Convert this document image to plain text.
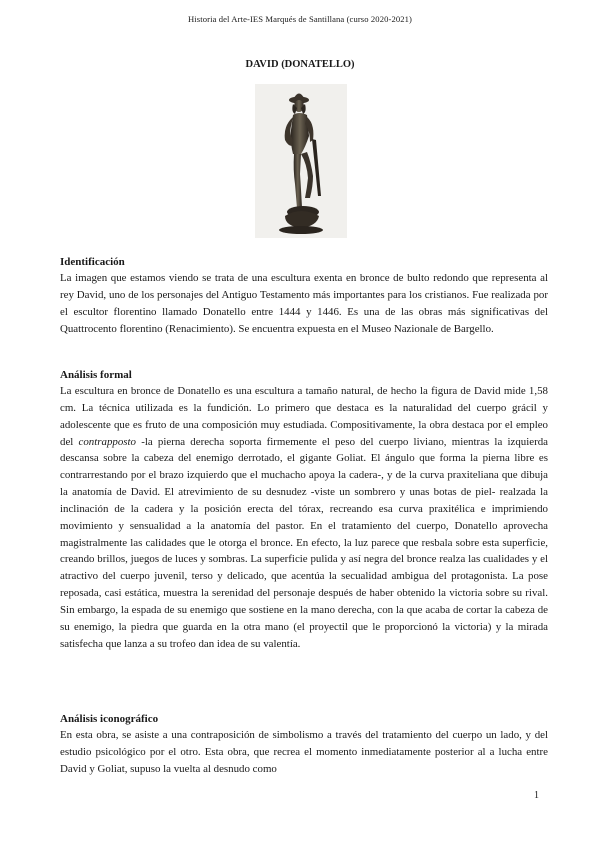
Historia del Arte-IES Marqués de Santillana (curso 2020-2021)
DAVID (DONATELLO)
Identificación

La imagen que estamos viendo se trata de una escultura exenta en bronce de bulto redondo que representa al rey David, uno de los personajes del Antiguo Testamento más importantes para los cristianos. Fue realizada por el escultor florentino llamado Donatello entre 1444 y 1446. Es una de las obras más significativas del Quattrocento florentino (Renacimiento). Se encuentra expuesta en el Museo Nazionale de Bargello.

Análisis formal

La escultura en bronce de Donatello es una escultura a tamaño natural, de hecho la figura de David mide 1,58 cm. La técnica utilizada es la fundición. Lo primero que destaca es la naturalidad del cuerpo grácil y adolescente que es fruto de una composición muy estudiada. Compositivamente, la obra destaca por el empleo del contrapposto -la pierna derecha soporta firmemente el peso del cuerpo liviano, mientras la izquierda descansa sobre la cabeza del enemigo derrotado, el gigante Goliat. El ángulo que forma la pierna libre es contrarrestando por el brazo izquierdo que el muchacho apoya la cadera-, y de la curva praxiteliana que dibuja la anatomía de David. El atrevimiento de su desnudez -viste un sombrero y unas botas de piel- realzada la inclinación de la cadera y la posición erecta del tórax, recreando esa curva praxitélica e imprimiendo movimiento y sensualidad a la anatomía del pastor. En el tratamiento del cuerpo, Donatello aprovecha magistralmente las calidades que le otorga el bronce. En efecto, la luz parece que resbala sobre esta superficie, creando brillos, juegos de luces y sombras. La superficie pulida y así negra del bronce realza las cualidades y el atractivo del cuerpo juvenil, terso y delicado, que acentúa la secualidad ambigua del protagonista. La pose reposada, casi estática, muestra la serenidad del personaje después de haber obtenido la victoria sobre su rival. Sin embargo, la espada de su enemigo que sostiene en la mano derecha, con la que acaba de cortar la cabeza de su enemigo, la piedra que guarda en la otra mano (el proyectil que le proporcionó la victoria) y la mirada satisfecha que lanza a su trofeo dan idea de su valentía.

Análisis iconográfico

En esta obra, se asiste a una contraposición de simbolismo a través del tratamiento del cuerpo un lado, y del estudio psicológico por el otro. Esta obra, que recrea el momento inmediatamente posterior al a lucha entre David y Goliat, supuso la vuelta al desnudo como

1
